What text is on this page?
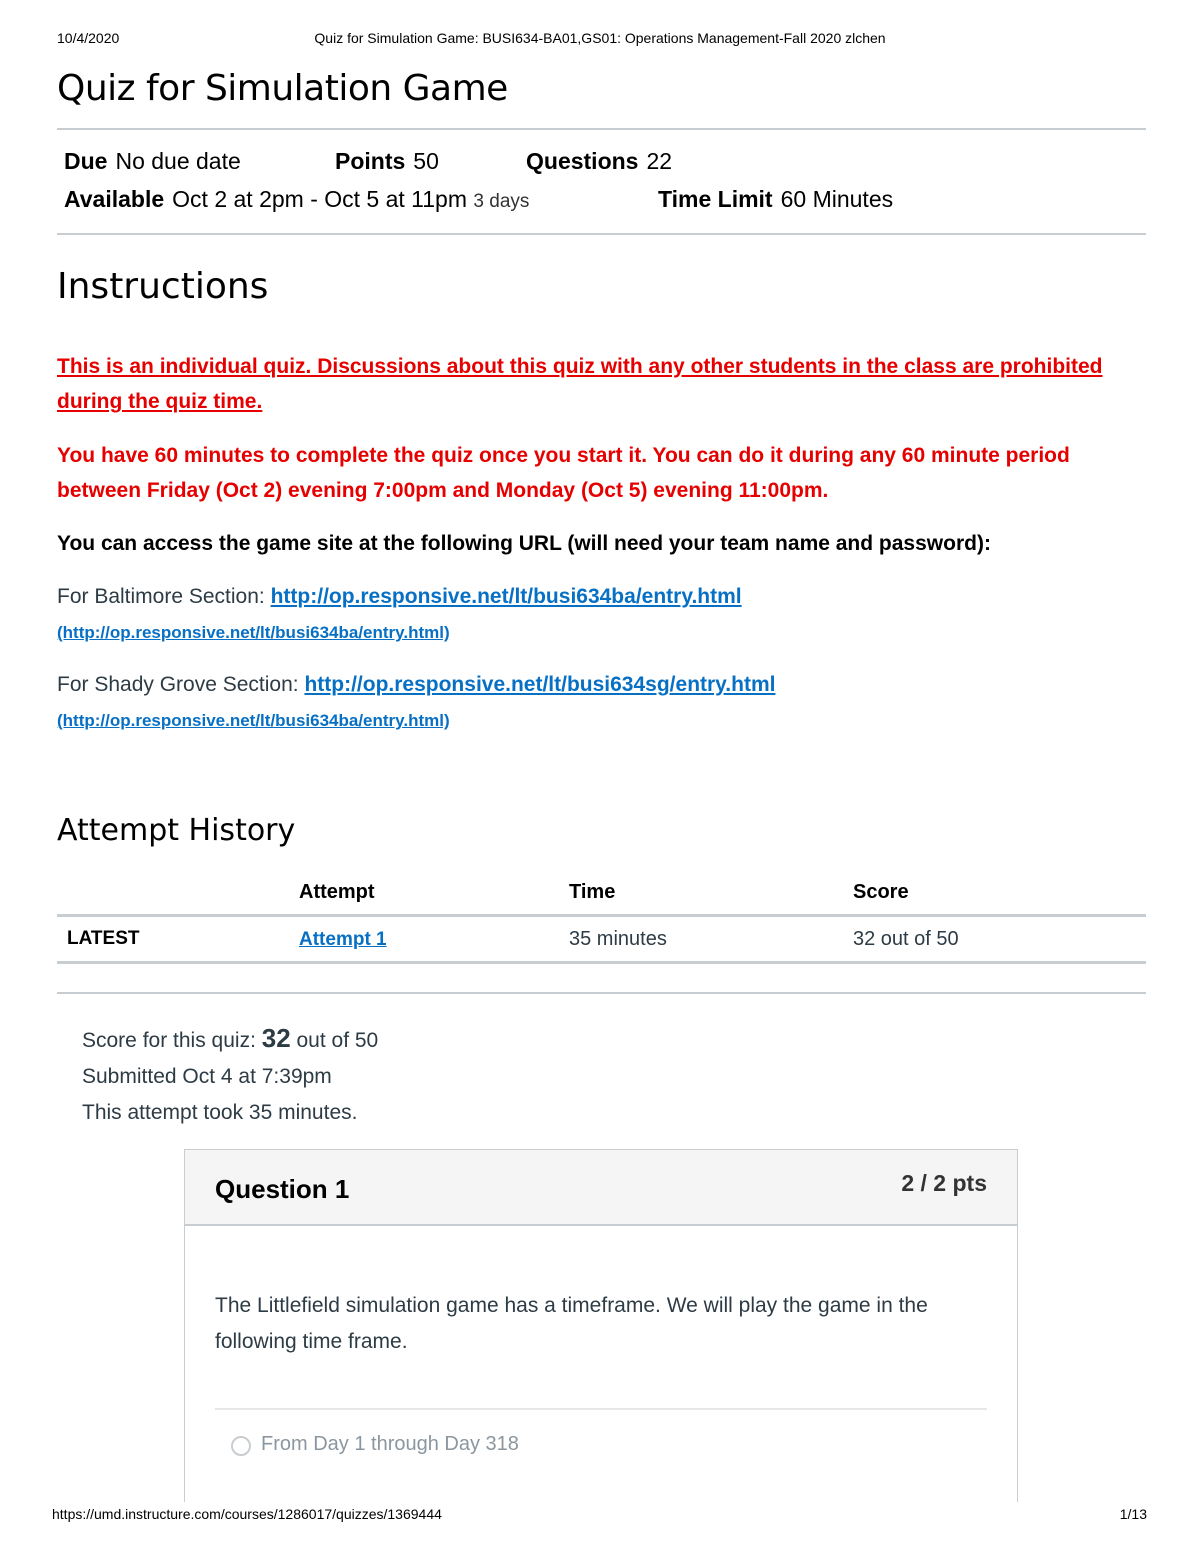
10/4/2020	Quiz for Simulation Game: BUSI634-BA01,GS01: Operations Management-Fall 2020 zlchen
Quiz for Simulation Game
Due No due date	Points 50	Questions 22
Available Oct 2 at 2pm - Oct 5 at 11pm 3 days	Time Limit 60 Minutes
Instructions
This is an individual quiz. Discussions about this quiz with any other students in the class are prohibited during the quiz time.
You have 60 minutes to complete the quiz once you start it. You can do it during any 60 minute period between Friday (Oct 2) evening 7:00pm and Monday (Oct 5) evening 11:00pm.
You can access the game site at the following URL (will need your team name and password):
For Baltimore Section: http://op.responsive.net/lt/busi634ba/entry.html
(http://op.responsive.net/lt/busi634ba/entry.html)
For Shady Grove Section: http://op.responsive.net/lt/busi634sg/entry.html
(http://op.responsive.net/lt/busi634ba/entry.html)
Attempt History
	Attempt	Time	Score
LATEST	Attempt 1	35 minutes	32 out of 50
Score for this quiz: 32 out of 50
Submitted Oct 4 at 7:39pm
This attempt took 35 minutes.
Question 1	2 / 2 pts
The Littlefield simulation game has a timeframe. We will play the game in the following time frame.
From Day 1 through Day 318
https://umd.instructure.com/courses/1286017/quizzes/1369444	1/13
